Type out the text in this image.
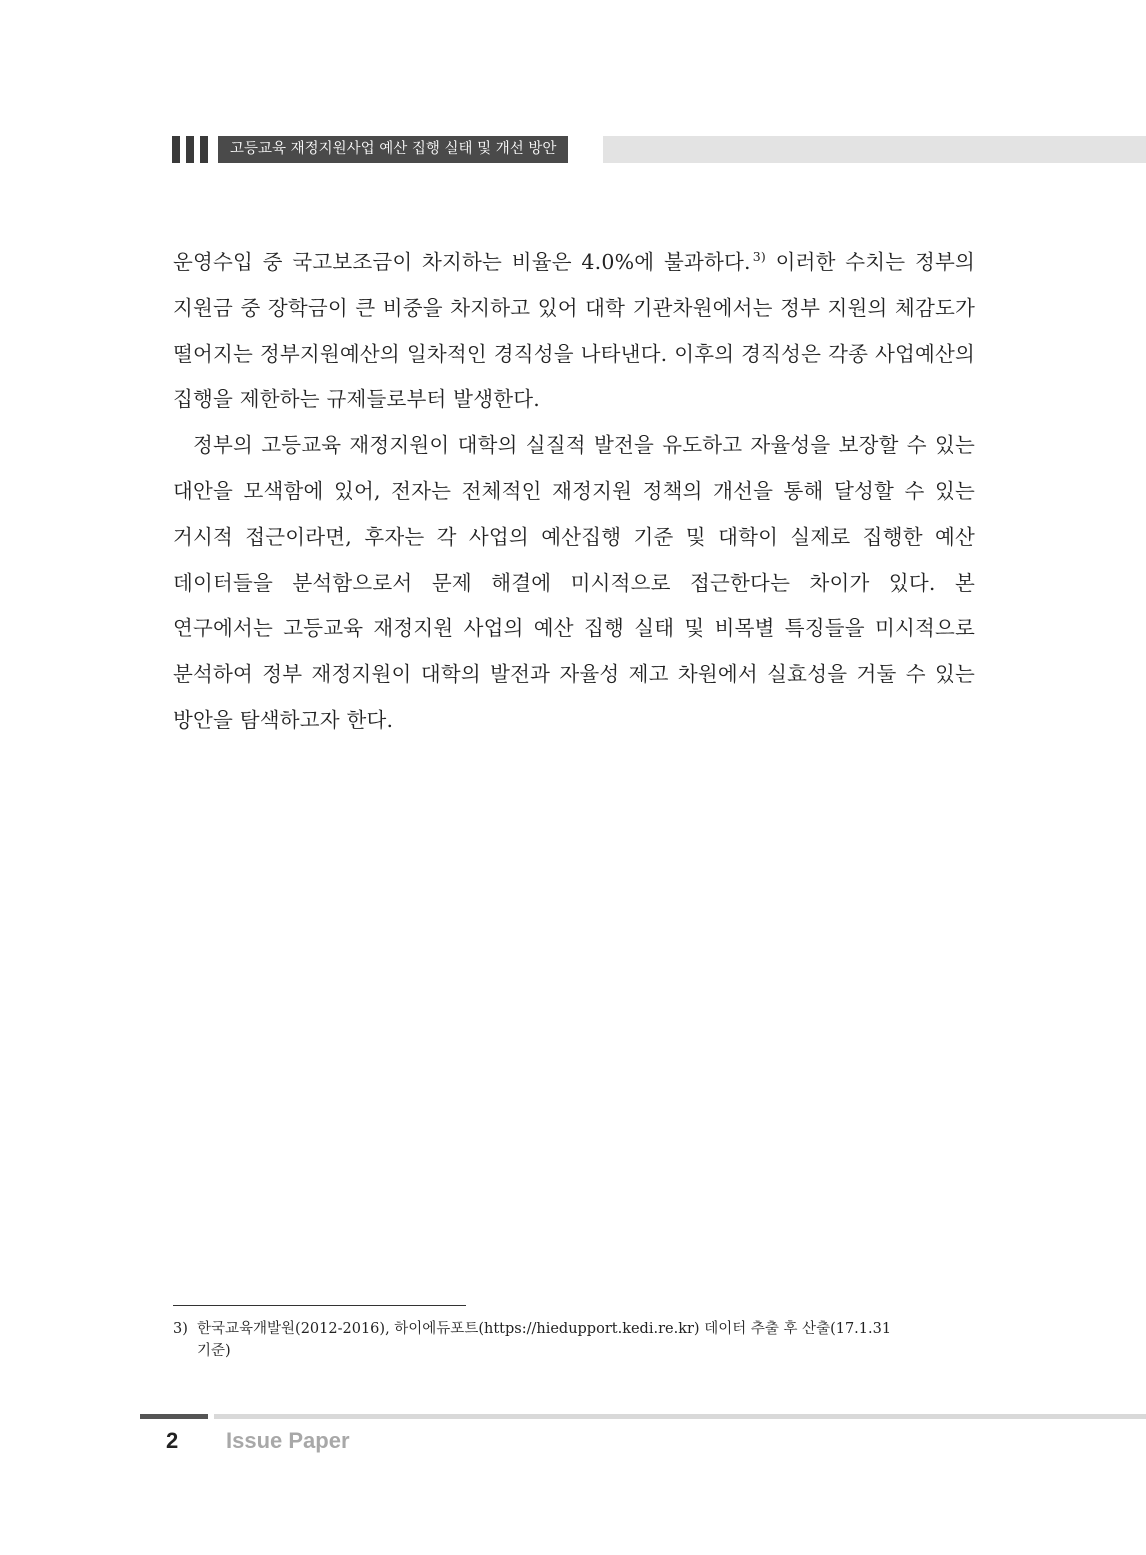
고등교육 재정지원사업 예산 집행 실태 및 개선 방안

운영수입 중 국고보조금이 차지하는 비율은 4.0%에 불과하다. $^{3)}$ 이러한 수치는 정부의 지원금 중 장학금이 큰 비중을 차지하고 있어 대학 기관차원에서는 정부 지원의 체감도가 떨어지는 정부지원예산의 일차적인 경직성을 나타낸다. 이후의 경직성은 각종 사업예산의 집행을 제한하는 규제들로부터 발생한다.

정부의 고등교육 재정지원이 대학의 실질적 발전을 유도하고 자율성을 보장할 수 있는 대안을 모색함에 있어, 전자는 전체적인 재정지원 정책의 개선을 통해 달성할 수 있는 거시적 접근이라면, 후자는 각 사업의 예산집행 기준 및 대학이 실제로 집행한 예산 데이터들을 분석함으로서 문제 해결에 미시적으로 접근한다는 차이가 있다. 본 연구에서는 고등교육 재정지원 사업의 예산 집행 실태 및 비목별 특징들을 미시적으로 분석하여 정부 재정지원이 대학의 발전과 자율성 제고 차원에서 실효성을 거둘 수 있는 방안을 탐색하고자 한다.

3) 한국교육개발원(2012-2016), 하이에듀포트(https://hiedupport.kedi.re.kr) 데이터 추출 후 산출(17.1.31
기준)
2 Issue Paper
